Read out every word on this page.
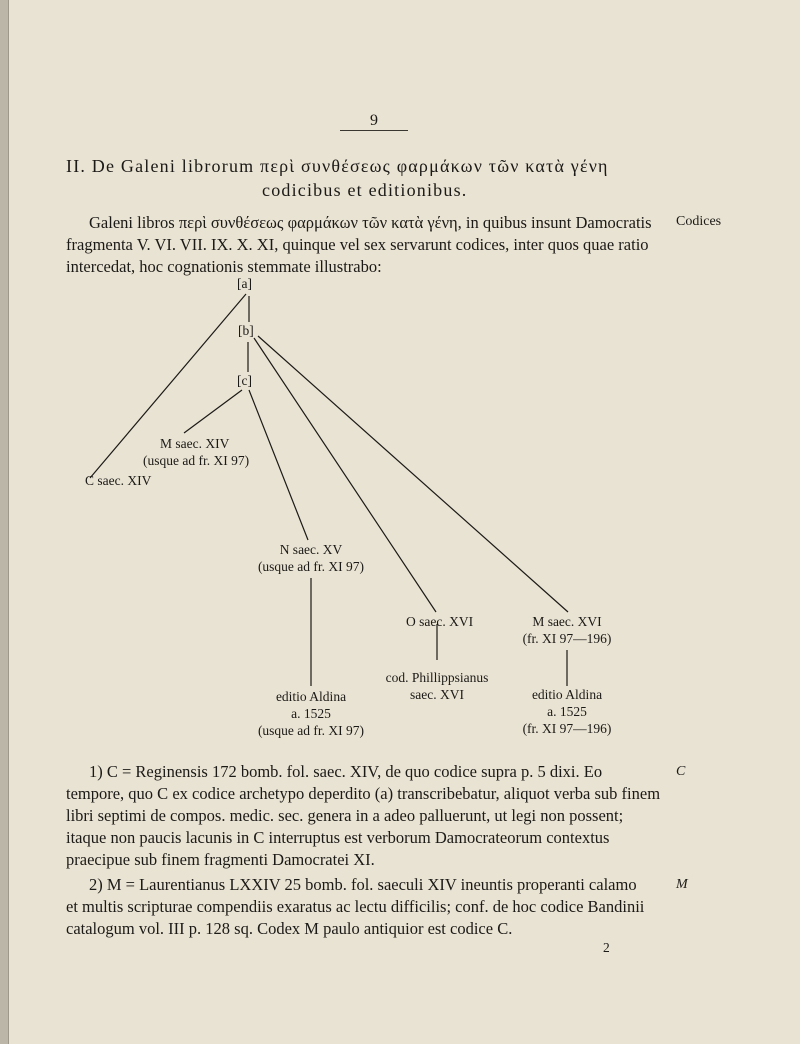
9
II. De Galeni librorum περὶ συνθέσεως φαρμάκων τῶν κατὰ γένη
codicibus et editionibus.
Galeni libros περὶ συνθέσεως φαρμάκων τῶν κατὰ γένη, in quibus insunt Damocratis
fragmenta V. VI. VII. IX. X. XI, quinque vel sex servarunt codices, inter quos quae ratio
intercedat, hoc cognationis stemmate illustrabo:
Codices
[a]
[b]
[c]
M saec. XIV
(usque ad fr. XI 97)
C saec. XIV
N saec. XV
(usque ad fr. XI 97)
O saec. XVI	M saec. XVI
(fr. XI 97—196)
cod. Phillippsianus
saec. XVI
editio Aldina
a. 1525
(usque ad fr. XI 97)
editio Aldina
a. 1525
(fr. XI 97—196)
1) C = Reginensis 172 bomb. fol. saec. XIV, de quo codice supra p. 5 dixi. Eo
tempore, quo C ex codice archetypo deperdito (a) transcribebatur, aliquot verba sub finem
libri septimi de compos. medic. sec. genera in a adeo palluerunt, ut legi non possent;
itaque non paucis lacunis in C interruptus est verborum Damocrateorum contextus
praecipue sub finem fragmenti Damocratei XI.
C
2) M = Laurentianus LXXIV 25 bomb. fol. saeculi XIV ineuntis properanti calamo
et multis scripturae compendiis exaratus ac lectu difficilis; conf. de hoc codice Bandinii
catalogum vol. III p. 128 sq. Codex M paulo antiquior est codice C.
M
2
